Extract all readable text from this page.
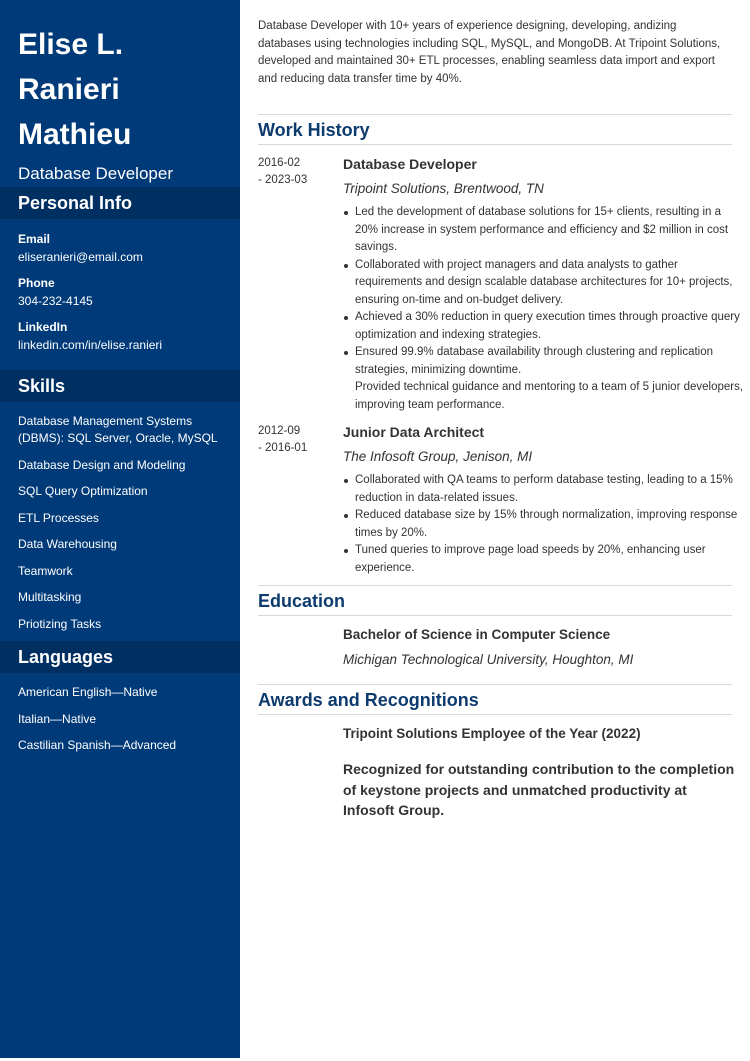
Elise L.
Ranieri
Mathieu
Database Developer
Personal Info
Email
eliseranieri@email.com
Phone
304-232-4145
LinkedIn
linkedin.com/in/elise.ranieri
Skills
Database Management Systems (DBMS): SQL Server, Oracle, MySQL
Database Design and Modeling
SQL Query Optimization
ETL Processes
Data Warehousing
Teamwork
Multitasking
Priotizing Tasks
Languages
American English—Native
Italian—Native
Castilian Spanish—Advanced
Database Developer with 10+ years of experience designing, developing, andizing databases using technologies including SQL, MySQL, and MongoDB. At Tripoint Solutions, developed and maintained 30+ ETL processes, enabling seamless data import and export and reducing data transfer time by 40%.
Work History
2016-02
- 2023-03
Database Developer
Tripoint Solutions, Brentwood, TN
Led the development of database solutions for 15+ clients, resulting in a 20% increase in system performance and efficiency and $2 million in cost savings.
Collaborated with project managers and data analysts to gather requirements and design scalable database architectures for 10+ projects, ensuring on-time and on-budget delivery.
Achieved a 30% reduction in query execution times through proactive query optimization and indexing strategies.
Ensured 99.9% database availability through clustering and replication strategies, minimizing downtime.
Provided technical guidance and mentoring to a team of 5 junior developers, improving team performance.
2012-09
- 2016-01
Junior Data Architect
The Infosoft Group, Jenison, MI
Collaborated with QA teams to perform database testing, leading to a 15% reduction in data-related issues.
Reduced database size by 15% through normalization, improving response times by 20%.
Tuned queries to improve page load speeds by 20%, enhancing user experience.
Education
Bachelor of Science in Computer Science
Michigan Technological University, Houghton, MI
Awards and Recognitions
Tripoint Solutions Employee of the Year (2022)
Recognized for outstanding contribution to the completion of keystone projects and unmatched productivity at Infosoft Group.
